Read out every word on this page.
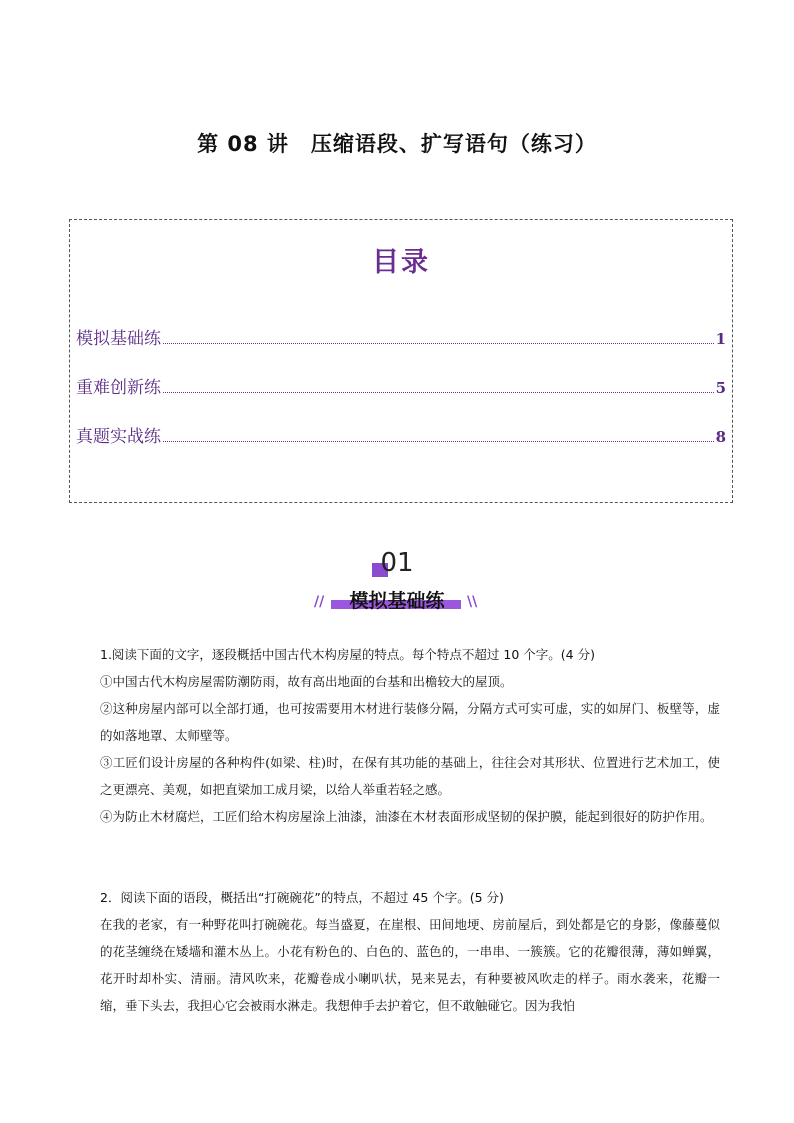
第 08 讲　压缩语段、扩写语句（练习）
目录
模拟基础练	1
重难创新练	5
真题实战练	8
01
模拟基础练
//	\\
1.阅读下面的文字，逐段概括中国古代木构房屋的特点。每个特点不超过 10 个字。(4 分)
①中国古代木构房屋需防潮防雨，故有高出地面的台基和出檐较大的屋顶。
②这种房屋内部可以全部打通，也可按需要用木材进行装修分隔，分隔方式可实可虚，实的如屏门、板壁等，虚的如落地罩、太师壁等。
③工匠们设计房屋的各种构件(如梁、柱)时，在保有其功能的基础上，往往会对其形状、位置进行艺术加工，使之更漂亮、美观，如把直梁加工成月梁，以给人举重若轻之感。
④为防止木材腐烂，工匠们给木构房屋涂上油漆，油漆在木材表面形成坚韧的保护膜，能起到很好的防护作用。
2．阅读下面的语段，概括出“打碗碗花”的特点，不超过 45 个字。(5 分)
在我的老家，有一种野花叫打碗碗花。每当盛夏，在崖根、田间地埂、房前屋后，到处都是它的身影，像藤蔓似的花茎缠绕在矮墙和灌木丛上。小花有粉色的、白色的、蓝色的，一串串、一簇簇。它的花瓣很薄，薄如蝉翼，花开时却朴实、清丽。清风吹来，花瓣卷成小喇叭状，晃来晃去，有种要被风吹走的样子。雨水袭来，花瓣一缩，垂下头去，我担心它会被雨水淋走。我想伸手去护着它，但不敢触碰它。因为我怕
